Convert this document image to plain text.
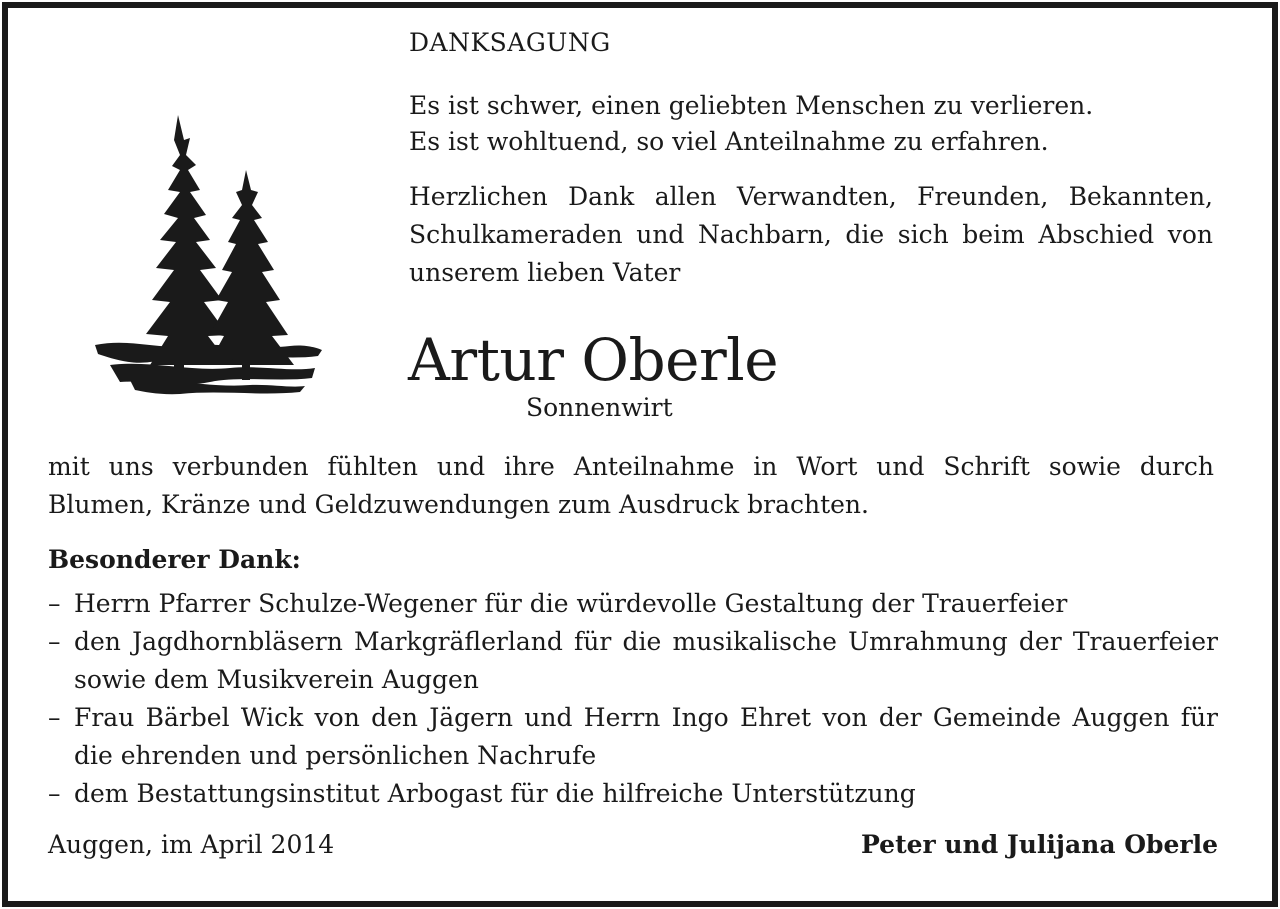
DANKSAGUNG
Es ist schwer, einen geliebten Menschen zu verlieren.
Es ist wohltuend, so viel Anteilnahme zu erfahren.
Herzlichen Dank allen Verwandten, Freunden, Bekannten,
Schulkameraden und Nachbarn, die sich beim Abschied von
unserem lieben Vater
Artur Oberle
Sonnenwirt
mit uns verbunden fühlten und ihre Anteilnahme in Wort und Schrift sowie durch
Blumen, Kränze und Geldzuwendungen zum Ausdruck brachten.
Besonderer Dank:
– Herrn Pfarrer Schulze-Wegener für die würdevolle Gestaltung der Trauerfeier
– den Jagdhornbläsern Markgräflerland für die musikalische Umrahmung der Trauerfeier
sowie dem Musikverein Auggen
– Frau Bärbel Wick von den Jägern und Herrn Ingo Ehret von der Gemeinde Auggen für
die ehrenden und persönlichen Nachrufe
– dem Bestattungsinstitut Arbogast für die hilfreiche Unterstützung
Auggen, im April 2014	Peter und Julijana Oberle
